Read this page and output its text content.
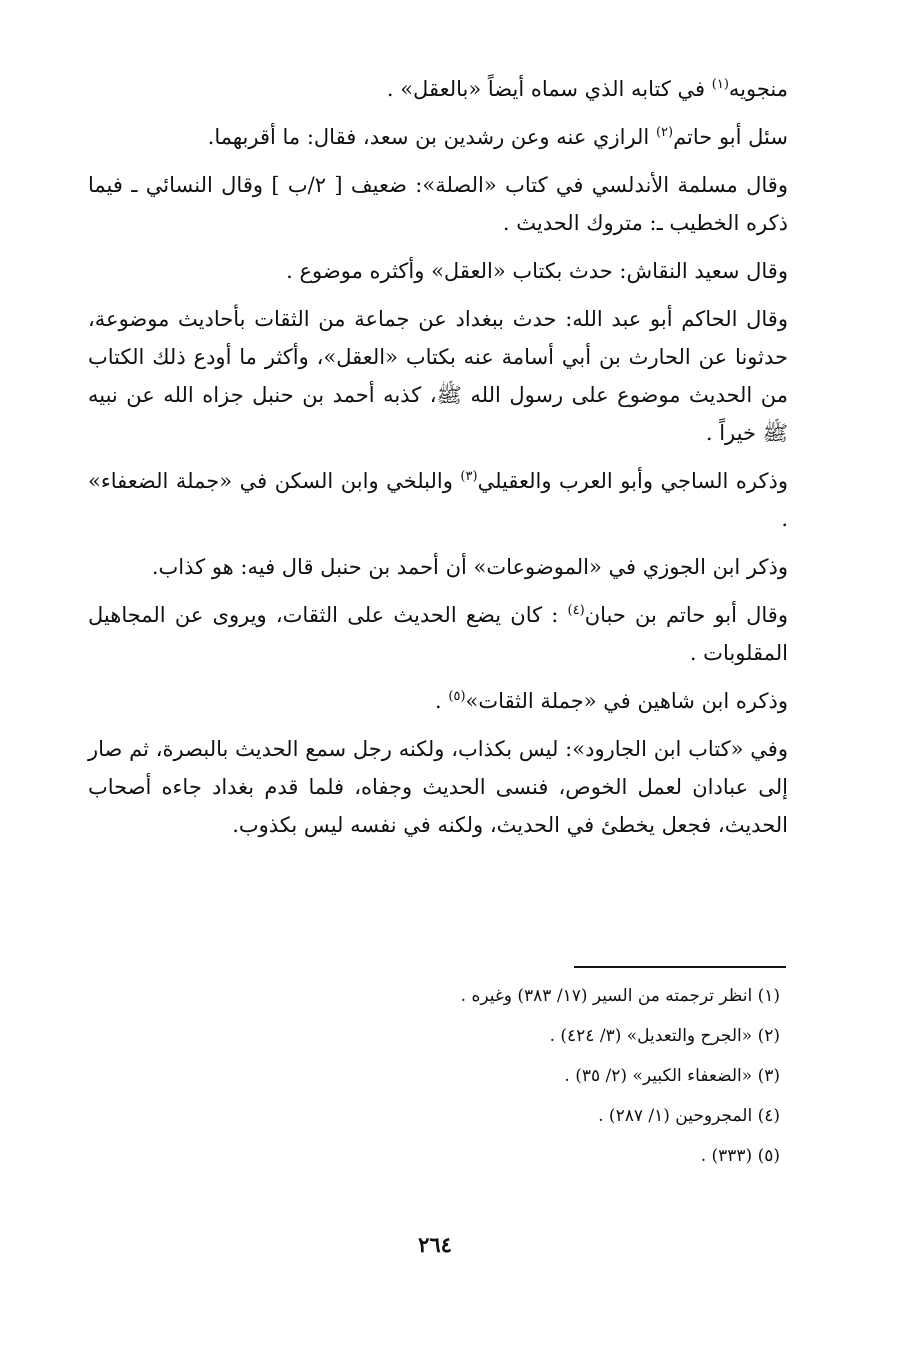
منجويه$^{(١)}$ في كتابه الذي سماه أيضاً «بالعقل» .

سئل أبو حاتم$^{(٢)}$ الرازي عنه وعن رشدين بن سعد، فقال: ما أقربهما.

وقال مسلمة الأندلسي في كتاب «الصلة»: ضعيف [ ٢/ب ] وقال النسائي ـ فيما ذكره الخطيب ـ: متروك الحديث .

وقال سعيد النقاش: حدث بكتاب «العقل» وأكثره موضوع .

وقال الحاكم أبو عبد الله: حدث ببغداد عن جماعة من الثقات بأحاديث موضوعة، حدثونا عن الحارث بن أبي أسامة عنه بكتاب «العقل»، وأكثر ما أودع ذلك الكتاب من الحديث موضوع على رسول الله ﷺ، كذبه أحمد بن حنبل جزاه الله عن نبيه ﷺ خيراً .

وذكره الساجي وأبو العرب والعقيلي$^{(٣)}$ والبلخي وابن السكن في «جملة الضعفاء» .

وذكر ابن الجوزي في «الموضوعات» أن أحمد بن حنبل قال فيه: هو كذاب.

وقال أبو حاتم بن حبان$^{(٤)}$ : كان يضع الحديث على الثقات، ويروى عن المجاهيل المقلوبات .

وذكره ابن شاهين في «جملة الثقات»$^{(٥)}$ .

وفي «كتاب ابن الجارود»: ليس بكذاب، ولكنه رجل سمع الحديث بالبصرة، ثم صار إلى عبادان لعمل الخوص، فنسى الحديث وجفاه، فلما قدم بغداد جاءه أصحاب الحديث، فجعل يخطئ في الحديث، ولكنه في نفسه ليس بكذوب.

(١) انظر ترجمته من السير (١٧/ ٣٨٣) وغيره .

(٢) «الجرح والتعديل» (٣/ ٤٢٤) .

(٣) «الضعفاء الكبير» (٢/ ٣٥) .

(٤) المجروحين (١/ ٢٨٧) .

(٥) (٣٣٣) .

٢٦٤
